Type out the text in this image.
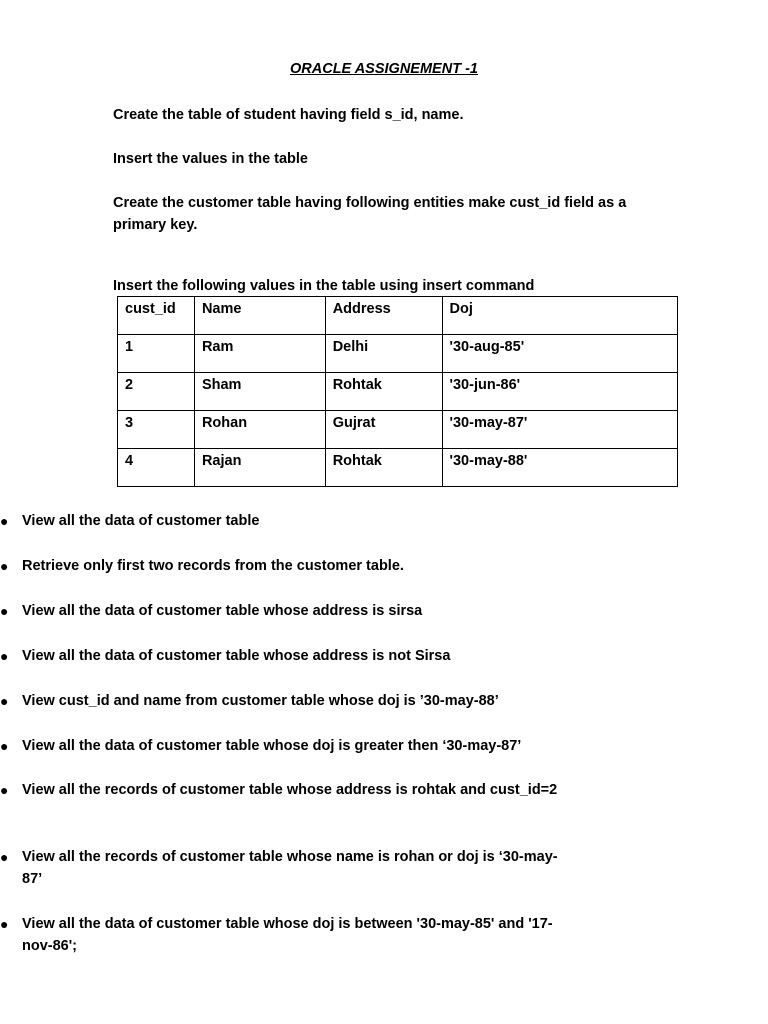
ORACLE ASSIGNEMENT -1
Create the table of student having field s_id, name.
Insert the values in the table
Create the customer table having following entities make cust_id field as a primary key.
Insert the following values in the table using insert command
cust_id	Name	Address	Doj
1	Ram	Delhi	'30-aug-85'
2	Sham	Rohtak	'30-jun-86'
3	Rohan	Gujrat	'30-may-87'
4	Rajan	Rohtak	'30-may-88'
● View all the data of customer table
● Retrieve only first two records from the customer table.
● View all the data of customer table whose address is sirsa
● View all the data of customer table whose address is not Sirsa
● View cust_id and name from customer table whose doj is ’30-may-88’
● View all the data of customer table whose doj is greater then ‘30-may-87’
● View all the records of customer table whose address is rohtak and cust_id=2
● View all the records of customer table whose name is rohan or doj is ‘30-may-87’
● View all the data of customer table whose doj is between '30-may-85' and '17-nov-86';
